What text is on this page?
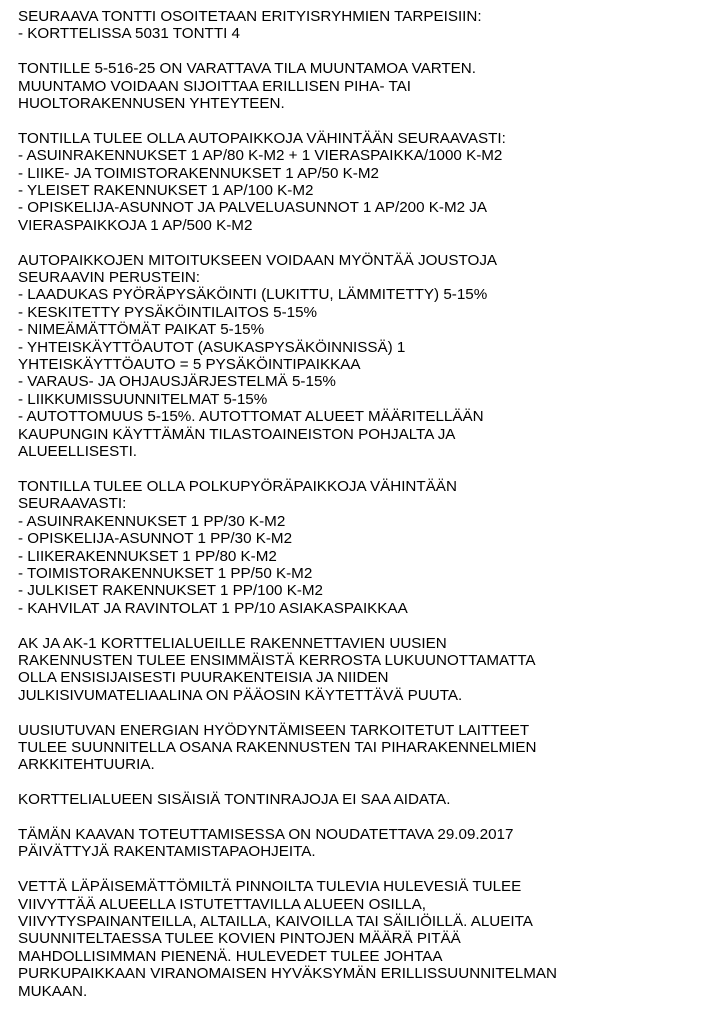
SEURAAVA TONTTI OSOITETAAN ERITYISRYHMIEN TARPEISIIN:
- KORTTELISSA 5031 TONTTI 4
TONTILLE 5-516-25 ON VARATTAVA TILA MUUNTAMOA VARTEN.
MUUNTAMO VOIDAAN SIJOITTAA ERILLISEN PIHA- TAI
HUOLTORAKENNUSEN YHTEYTEEN.
TONTILLA TULEE OLLA AUTOPAIKKOJA VÄHINTÄÄN SEURAAVASTI:
- ASUINRAKENNUKSET 1 AP/80 K-M2 + 1 VIERASPAIKKA/1000 K-M2
- LIIKE- JA TOIMISTORAKENNUKSET 1 AP/50 K-M2
- YLEISET RAKENNUKSET 1 AP/100 K-M2
- OPISKELIJA-ASUNNOT JA PALVELUASUNNOT 1 AP/200 K-M2 JA
VIERASPAIKKOJA 1 AP/500 K-M2
AUTOPAIKKOJEN MITOITUKSEEN VOIDAAN MYÖNTÄÄ JOUSTOJA
SEURAAVIN PERUSTEIN:
- LAADUKAS PYÖRÄPYSÄKÖINTI (LUKITTU, LÄMMITETTY) 5-15%
- KESKITETTY PYSÄKÖINTILAITOS 5-15%
- NIMEÄMÄTTÖMÄT PAIKAT 5-15%
- YHTEISKÄYTTÖAUTOT (ASUKASPYSÄKÖINNISSÄ) 1
YHTEISKÄYTTÖAUTO = 5 PYSÄKÖINTIPAIKKAA
- VARAUS- JA OHJAUSJÄRJESTELMÄ 5-15%
- LIIKKUMISSUUNNITELMAT 5-15%
- AUTOTTOMUUS 5-15%. AUTOTTOMAT ALUEET MÄÄRITELLÄÄN
KAUPUNGIN KÄYTTÄMÄN TILASTOAINEISTON POHJALTA JA
ALUEELLISESTI.
TONTILLA TULEE OLLA POLKUPYÖRÄPAIKKOJA VÄHINTÄÄN
SEURAAVASTI:
- ASUINRAKENNUKSET 1 PP/30 K-M2
- OPISKELIJA-ASUNNOT 1 PP/30 K-M2
- LIIKERAKENNUKSET 1 PP/80 K-M2
- TOIMISTORAKENNUKSET 1 PP/50 K-M2
- JULKISET RAKENNUKSET 1 PP/100 K-M2
- KAHVILAT JA RAVINTOLAT 1 PP/10 ASIAKASPAIKKAA
AK JA AK-1 KORTTELIALUEILLE RAKENNETTAVIEN UUSIEN
RAKENNUSTEN TULEE ENSIMMÄISTÄ KERROSTA LUKUUNOTTAMATTA
OLLA ENSISIJAISESTI PUURAKENTEISIA JA NIIDEN
JULKISIVUMATELIAALINA ON PÄÄOSIN KÄYTETTÄVÄ PUUTA.
UUSIUTUVAN ENERGIAN HYÖDYNTÄMISEEN TARKOITETUT LAITTEET
TULEE SUUNNITELLA OSANA RAKENNUSTEN TAI PIHARAKENNELMIEN
ARKKITEHTUURIA.
KORTTELIALUEEN SISÄISIÄ TONTINRAJOJA EI SAA AIDATA.
TÄMÄN KAAVAN TOTEUTTAMISESSA ON NOUDATETTAVA 29.09.2017
PÄIVÄTTYJÄ RAKENTAMISTAPAOHJEITA.
VETTÄ LÄPÄISEMÄTTÖMILTÄ PINNOILTA TULEVIA HULEVESIÄ TULEE
VIIVYTTÄÄ ALUEELLA ISTUTETTAVILLA ALUEEN OSILLA,
VIIVYTYSPAINANTEILLA, ALTAILLA, KAIVOILLA TAI SÄILIÖILLÄ. ALUEITA
SUUNNITELTAESSA TULEE KOVIEN PINTOJEN MÄÄRÄ PITÄÄ
MAHDOLLISIMMAN PIENENÄ. HULEVEDET TULEE JOHTAA
PURKUPAIKKAAN VIRANOMAISEN HYVÄKSYMÄN ERILLISSUUNNITELMAN
MUKAAN.
